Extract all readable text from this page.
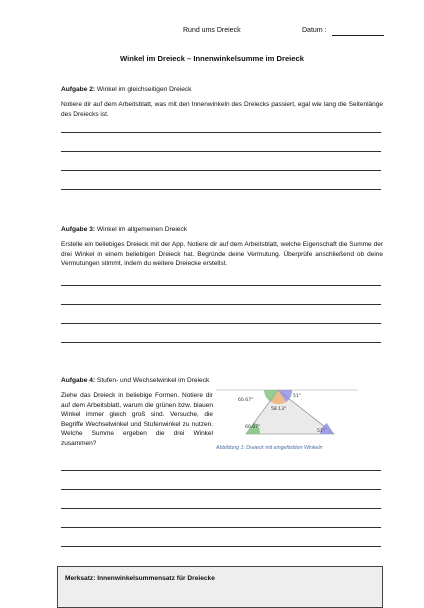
Rund ums Dreieck	Datum :
Winkel im Dreieck – Innenwinkelsumme im Dreieck
Aufgabe 2: Winkel im gleichseitigen Dreieck
Notiere dir auf dem Arbeitsblatt, was mit den Innenwinkeln des Dreiecks passiert, egal wie lang die Seitenlänge des Dreiecks ist.
Aufgabe 3: Winkel im allgemeinen Dreieck
Erstelle ein beliebiges Dreieck mit der App. Notiere dir auf dem Arbeitsblatt, welche Eigenschaft die Summe der drei Winkel in einem beliebigen Dreieck hat. Begründe deine Vermutung. Überprüfe anschließend ob deine Vermutungen stimmt, indem du weitere Dreiecke erstellst.
Aufgabe 4: Stufen- und Wechselwinkel im Dreieck
Ziehe das Dreieck in beliebige Formen. Notiere dir auf dem Arbeitsblatt, warum die grünen bzw. blauen Winkel immer gleich groß sind. Versuche, die Begriffe Wechselwinkel und Stufenwinkel zu nutzen. Welche Summe ergeben die drei Winkel zusammen?
60.67°
58.13°
51°
60.67°
51°
Abbildung 1: Dreieck mit eingefärbten Winkeln
Merksatz: Innenwinkelsummensatz für Dreiecke
